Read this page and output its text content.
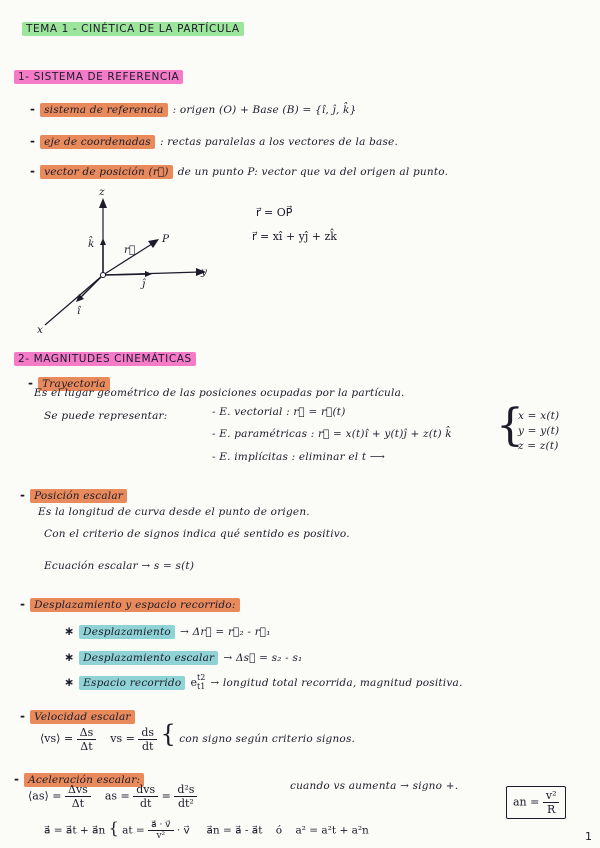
TEMA 1 - CINÉTICA DE LA PARTÍCULA
1- SISTEMA DE REFERENCIA
- sistema de referencia : origen (O) + Base (B) = {î, ĵ, k̂}
- eje de coordenadas : rectas paralelas a los vectores de la base.
- vector de posición (r⃗) de un punto P: vector que va del origen al punto.
z
y
x
P
r⃗
k̂
ĵ
î
r⃗ = OP⃗
r⃗ = xî + yĵ + zk̂
2- MAGNITUDES CINEMÁTICAS
- Trayectoria
Es el lugar geométrico de las posiciones ocupadas por la partícula.
Se puede representar:	- E. vectorial : r⃗ = r⃗(t)
- E. paramétricas : r⃗ = x(t)î + y(t)ĵ + z(t) k̂
- E. implícitas : eliminar el t ⟶
{
x = x(t)
y = y(t)
z = z(t)
- Posición escalar
Es la longitud de curva desde el punto de origen.
Con el criterio de signos indica qué sentido es positivo.
Ecuación escalar → s = s(t)
- Desplazamiento y espacio recorrido:
∗ Desplazamiento → Δr⃗ = r⃗₂ - r⃗₁
∗ Desplazamiento escalar → Δs⃗ = s₂ - s₁
∗ Espacio recorrido e t2
t1 → longitud total recorrida, magnitud positiva.
- Velocidad escalar
⟨vs⟩ = $\frac{\Delta s}{\Delta t}$ vs = $\frac{ds}{dt}$ { con signo según criterio signos.
- Aceleración escalar:
⟨as⟩ = $\frac{\text{Δvs}}{\Delta t}$ as = $\frac{\text{dvs}}{dt} = \frac{\text{d²s}}{\text{dt²}}$	cuando vs aumenta → signo +.
an = $\frac{\text{v²}}{R}$
a⃗ = a⃗t + a⃗n { at = $\frac{a⃗ \cdot v⃗}{\text{v²}}$ · v⃗ a⃗n = a⃗ - a⃗t ó a² = a²t + a²n	1
